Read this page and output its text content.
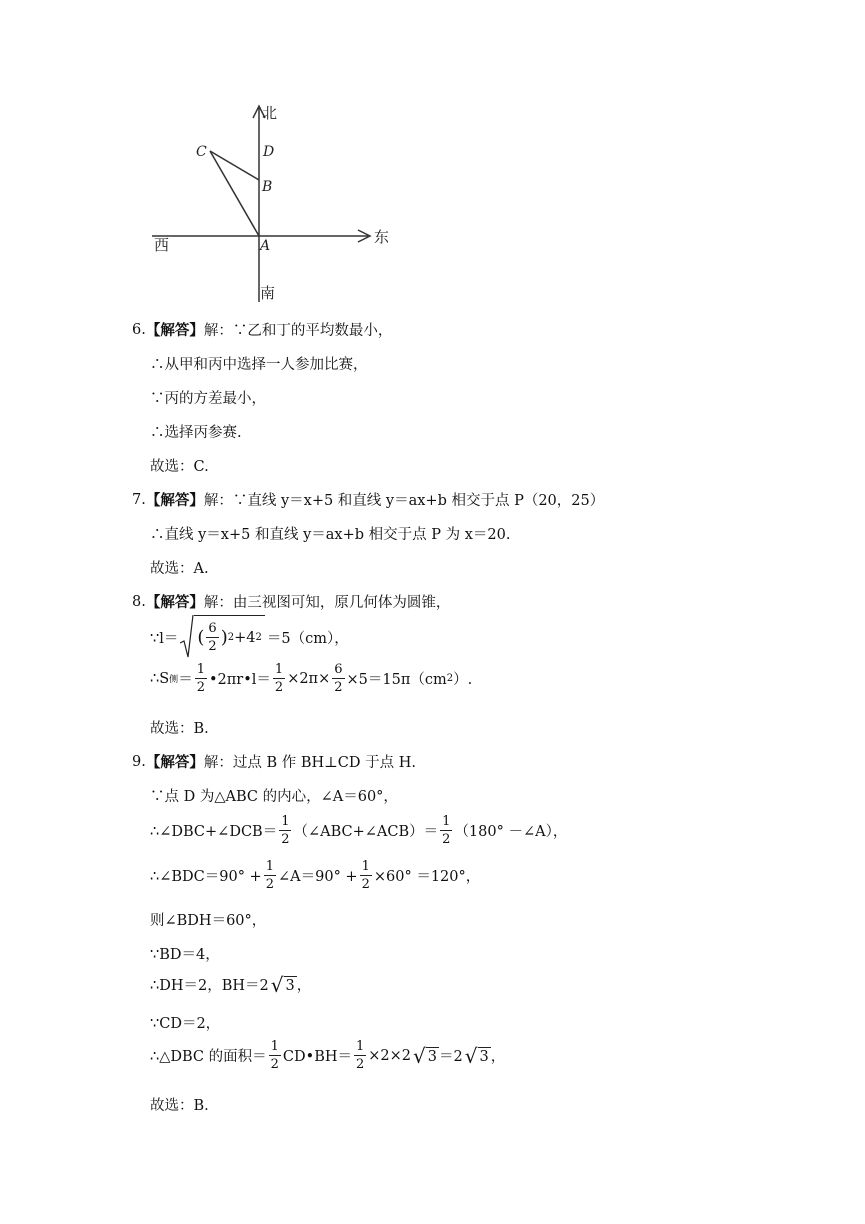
北
南
东
西
C	D
B
A
6. 【解答】 解：∵乙和丁的平均数最小，
∴从甲和丙中选择一人参加比赛，
∵丙的方差最小，
∴选择丙参赛.
故选：C.
7. 【解答】 解：∵直线 y＝x+5 和直线 y＝ax+b 相交于点 P（20，25）
∴直线 y＝x+5 和直线 y＝ax+b 相交于点 P 为 x＝20.
故选：A.
8. 【解答】 解：由三视图可知，原几何体为圆锥，
∵l＝ ( $\frac{6}{2}$ ) 2 +4 2 ＝5（cm），
∴S 侧 ＝ $\frac{1}{2}$ •2πr•l＝ $\frac{1}{2} \times 2\pi\times \frac{6}{2} \times 5=15\pi(cm$ 2 ）.
故选：B.
9. 【解答】 解：过点 B 作 BH⊥CD 于点 H.
∵点 D 为△ABC 的内心，∠A＝60°，
∴∠DBC+∠DCB＝ $\frac{1}{2}$ （∠ABC+∠ACB）＝ $\frac{1}{2} (180^\circ$ －∠A），
∴∠BDC＝90° + $\frac{1}{2}$ ∠A＝90° + $\frac{1}{2} \times 60^\circ =120^\circ$，
则∠BDH＝60°，
∵BD＝4，
∴DH＝2，BH＝2 √ 3 ，
∵CD＝2，
∴△DBC 的面积＝ $\frac{1}{2}$ CD•BH＝ $\frac{1}{2} \times 2\times 2$ √ 3 ＝2 √ 3 ，
故选：B.
